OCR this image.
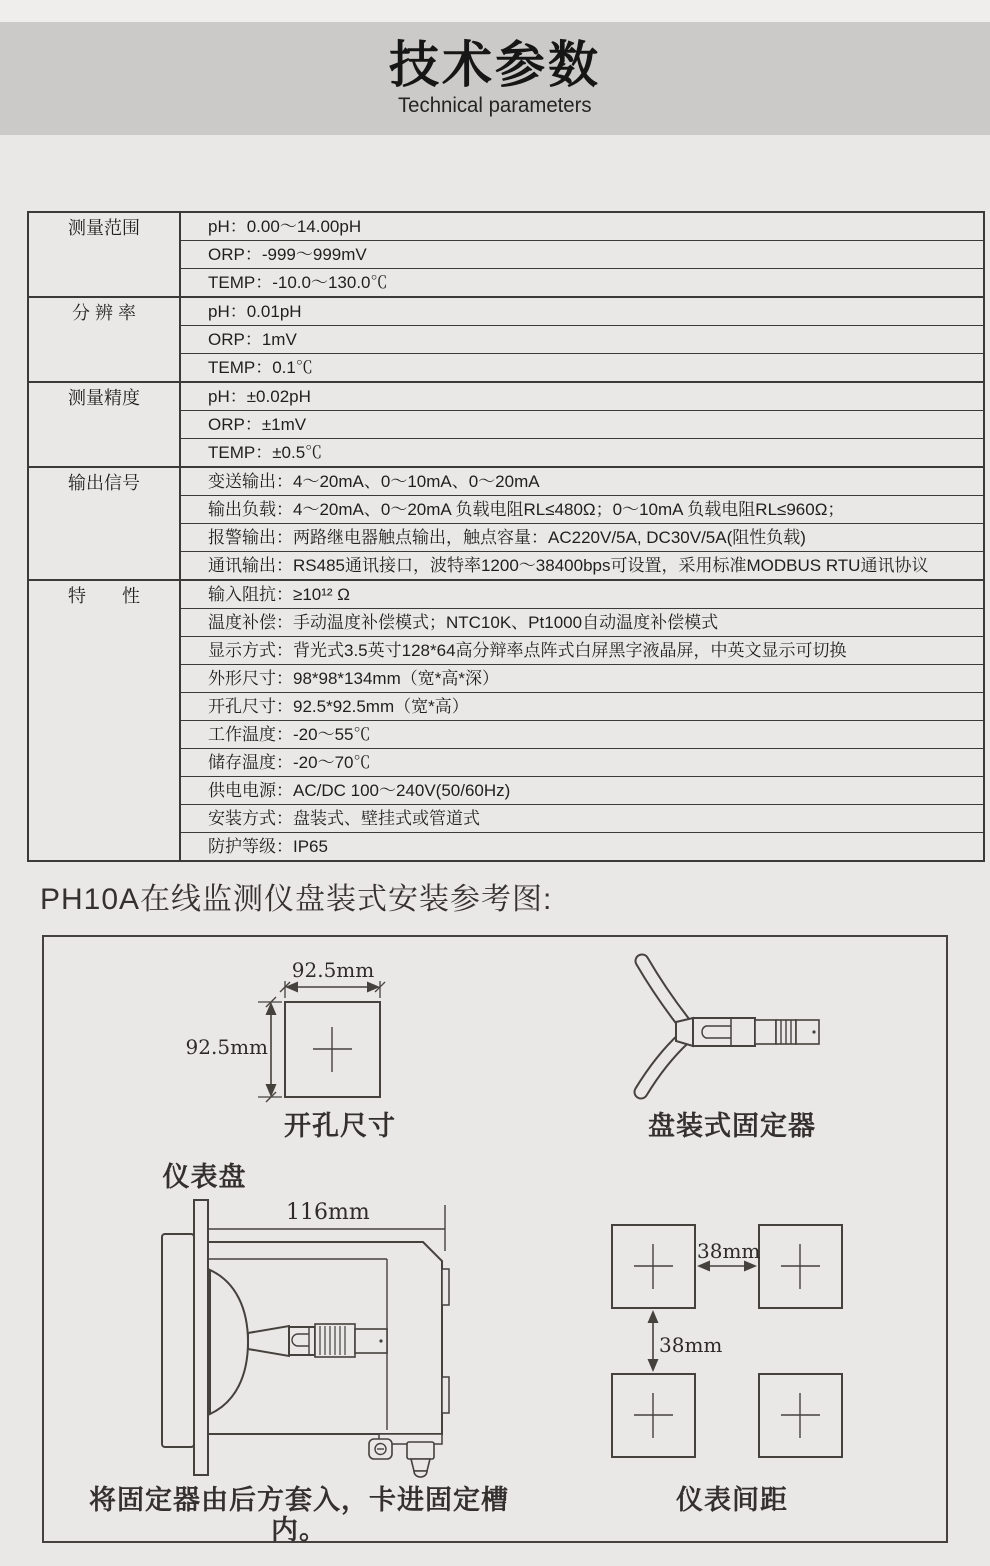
技术参数
Technical parameters
测量范围	pH：0.00～14.00pH
	ORP：-999～999mV
	TEMP：-10.0～130.0℃
分 辨 率	pH：0.01pH
	ORP：1mV
	TEMP：0.1℃
测量精度	pH：±0.02pH
	ORP：±1mV
	TEMP：±0.5℃
输出信号	变送输出：4～20mA、0～10mA、0～20mA
	输出负载：4～20mA、0～20mA 负载电阻RL≤480Ω；0～10mA 负载电阻RL≤960Ω；
	报警输出：两路继电器触点输出，触点容量：AC220V/5A, DC30V/5A(阻性负载)
	通讯输出：RS485通讯接口，波特率1200～38400bps可设置，采用标准MODBUS RTU通讯协议
特　　性	输入阻抗：≥10¹² Ω
	温度补偿：手动温度补偿模式；NTC10K、Pt1000自动温度补偿模式
	显示方式：背光式3.5英寸128*64高分辩率点阵式白屏黑字液晶屏，中英文显示可切换
	外形尺寸：98*98*134mm（宽*高*深）
	开孔尺寸：92.5*92.5mm（宽*高）
	工作温度：-20～55℃
	储存温度：-20～70℃
	供电电源：AC/DC 100～240V(50/60Hz)
	安装方式：盘装式、壁挂式或管道式
	防护等级：IP65
PH10A在线监测仪盘装式安装参考图:
92.5mm
92.5mm
116mm
38mm
38mm
开孔尺寸	盘装式固定器
仪表盘
将固定器由后方套入，卡进固定槽内。
仪表间距
